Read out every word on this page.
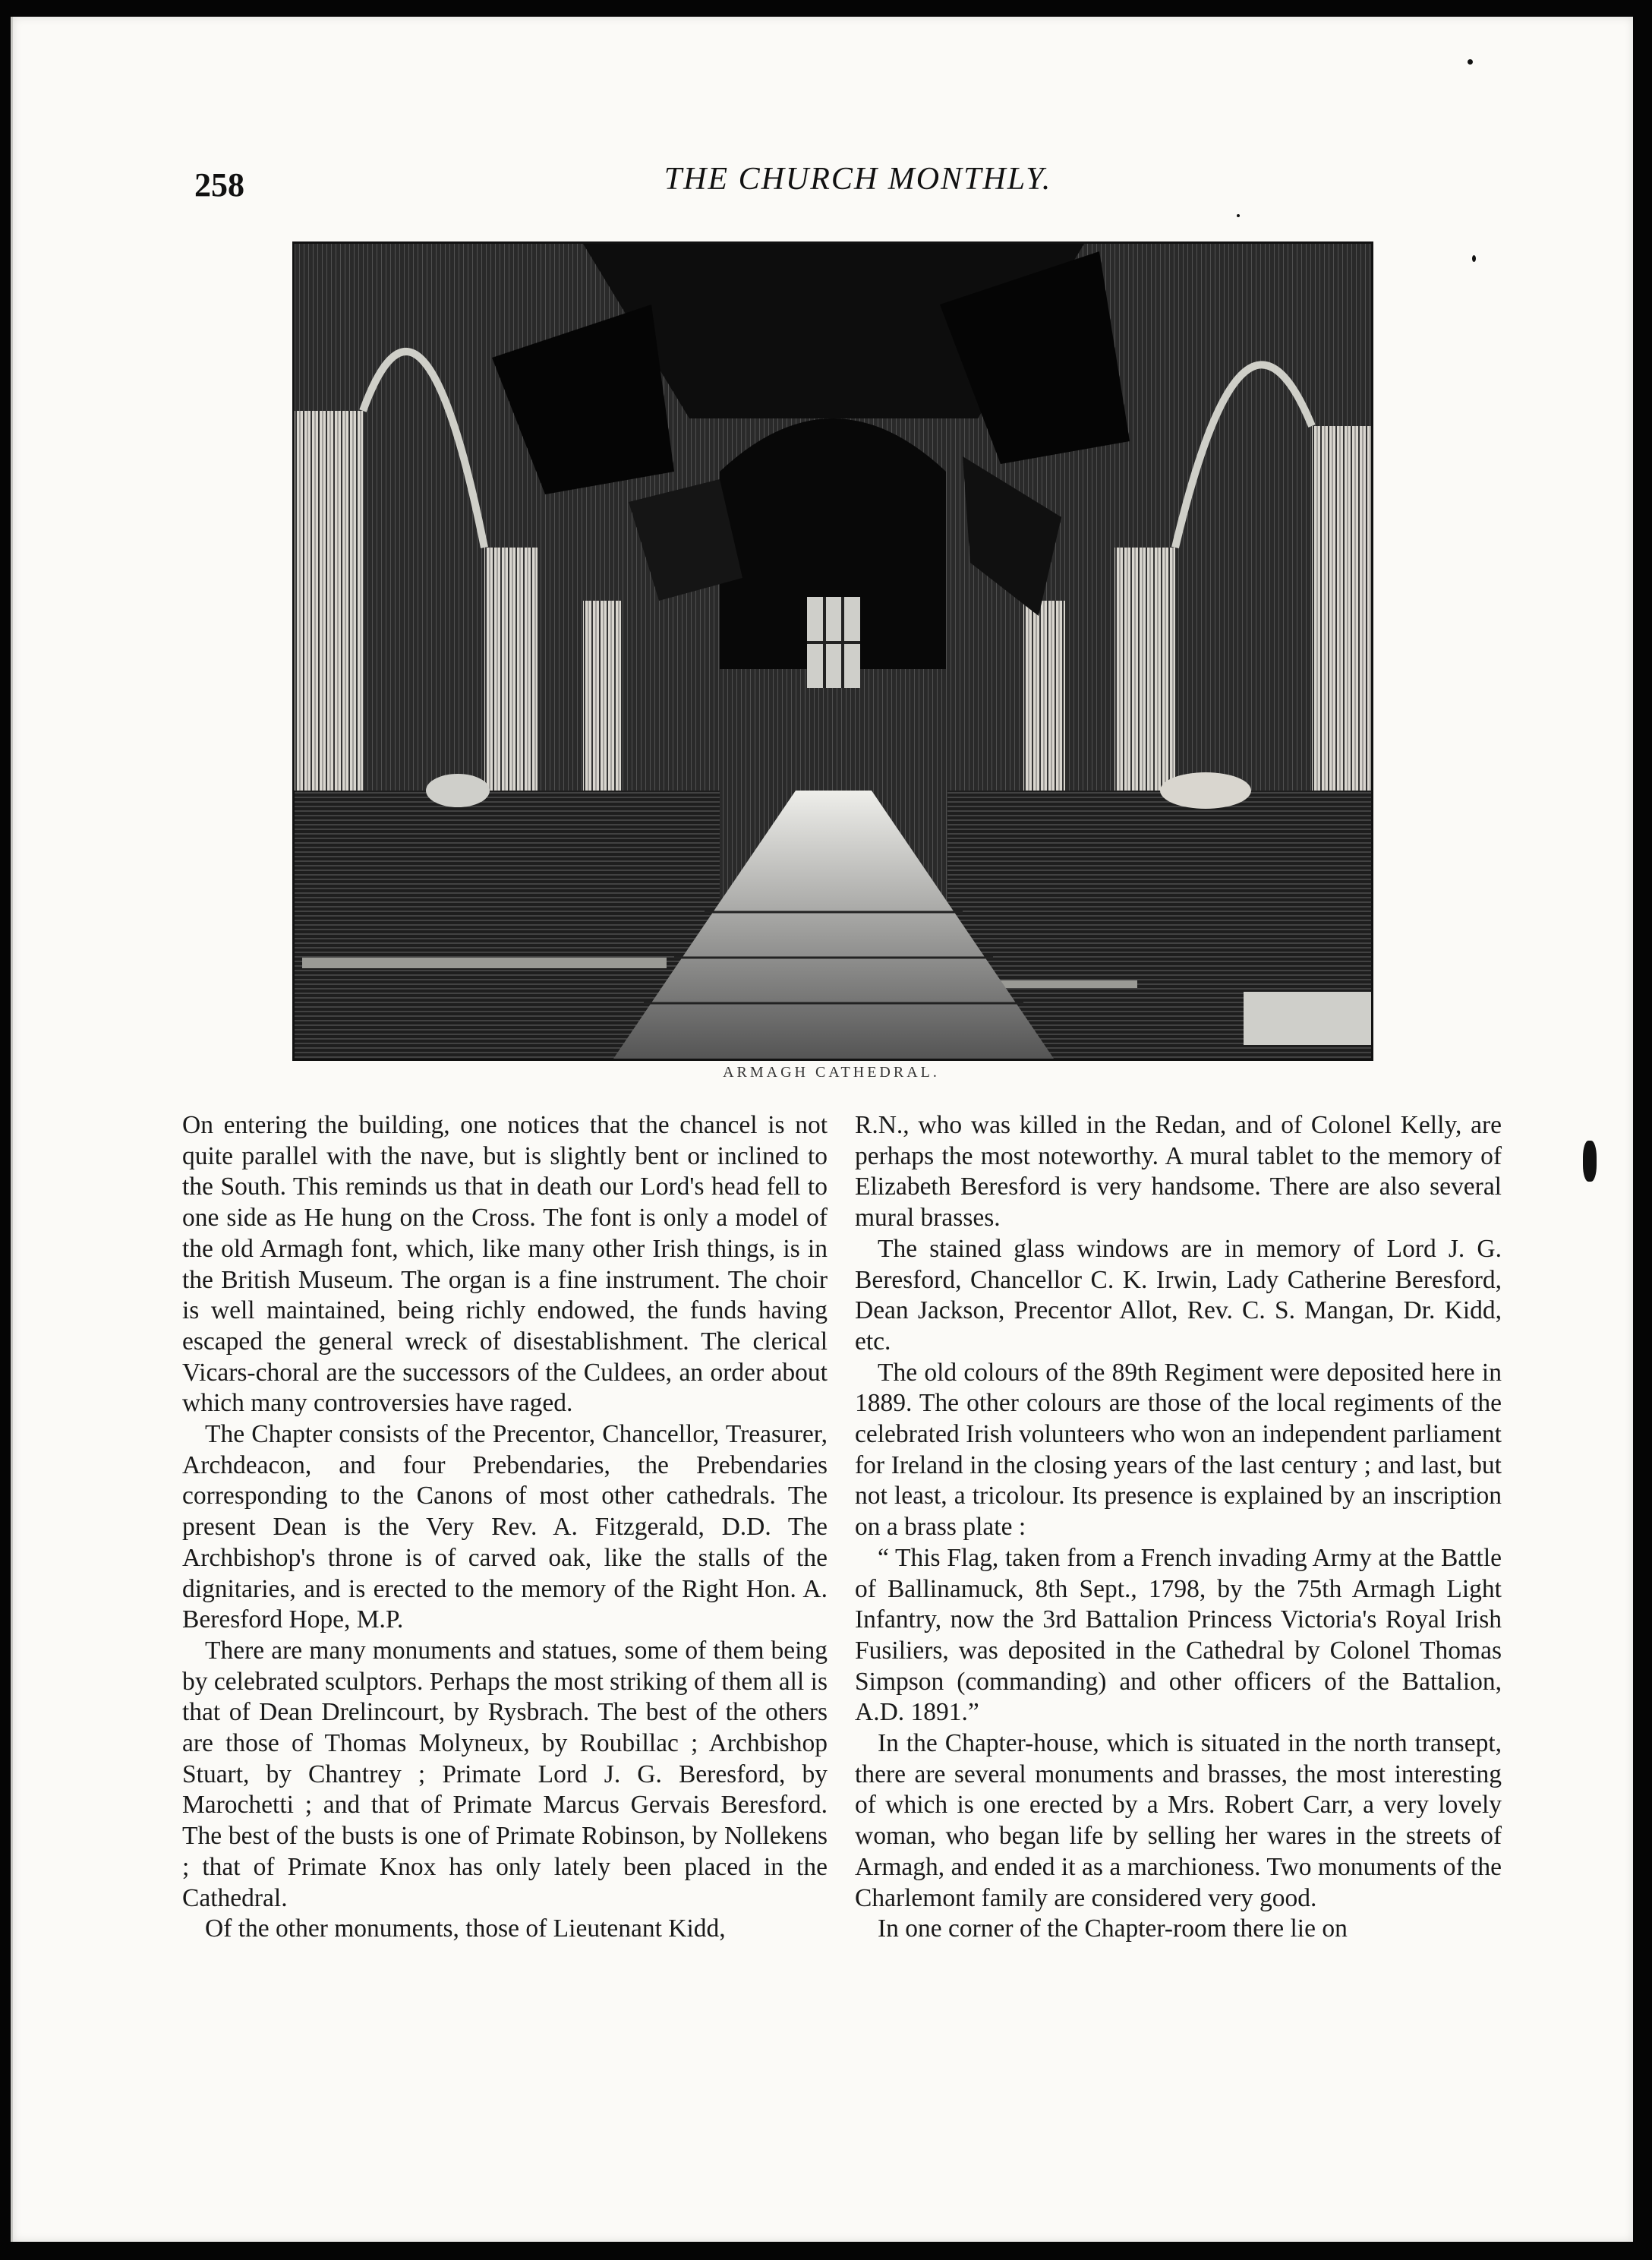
258	THE CHURCH MONTHLY.
ARMAGH CATHEDRAL.

On entering the building, one notices that the chancel is not quite parallel with the nave, but is slightly bent or inclined to the South. This reminds us that in death our Lord's head fell to one side as He hung on the Cross. The font is only a model of the old Armagh font, which, like many other Irish things, is in the British Museum. The organ is a fine instrument. The choir is well maintained, being richly endowed, the funds having escaped the general wreck of disestablishment. The clerical Vicars-choral are the successors of the Culdees, an order about which many controversies have raged.

The Chapter consists of the Precentor, Chancellor, Treasurer, Archdeacon, and four Prebendaries, the Prebendaries corresponding to the Canons of most other cathedrals. The present Dean is the Very Rev. A. Fitzgerald, D.D. The Archbishop's throne is of carved oak, like the stalls of the dignitaries, and is erected to the memory of the Right Hon. A. Beresford Hope, M.P.

There are many monuments and statues, some of them being by celebrated sculptors. Perhaps the most striking of them all is that of Dean Drelincourt, by Rysbrach. The best of the others are those of Thomas Molyneux, by Roubillac ; Archbishop Stuart, by Chantrey ; Primate Lord J. G. Beresford, by Marochetti ; and that of Primate Marcus Gervais Beresford. The best of the busts is one of Primate Robinson, by Nollekens ; that of Primate Knox has only lately been placed in the Cathedral.

Of the other monuments, those of Lieutenant Kidd,

R.N., who was killed in the Redan, and of Colonel Kelly, are perhaps the most noteworthy. A mural tablet to the memory of Elizabeth Beresford is very handsome. There are also several mural brasses.

The stained glass windows are in memory of Lord J. G. Beresford, Chancellor C. K. Irwin, Lady Catherine Beresford, Dean Jackson, Precentor Allot, Rev. C. S. Mangan, Dr. Kidd, etc.

The old colours of the 89th Regiment were deposited here in 1889. The other colours are those of the local regiments of the celebrated Irish volunteers who won an independent parliament for Ireland in the closing years of the last century ; and last, but not least, a tricolour. Its presence is explained by an inscription on a brass plate :

“ This Flag, taken from a French invading Army at the Battle of Ballinamuck, 8th Sept., 1798, by the 75th Armagh Light Infantry, now the 3rd Battalion Princess Victoria's Royal Irish Fusiliers, was deposited in the Cathedral by Colonel Thomas Simpson (commanding) and other officers of the Battalion, A.D. 1891.”

In the Chapter-house, which is situated in the north transept, there are several monuments and brasses, the most interesting of which is one erected by a Mrs. Robert Carr, a very lovely woman, who began life by selling her wares in the streets of Armagh, and ended it as a marchioness. Two monuments of the Charlemont family are considered very good.

In one corner of the Chapter-room there lie on
